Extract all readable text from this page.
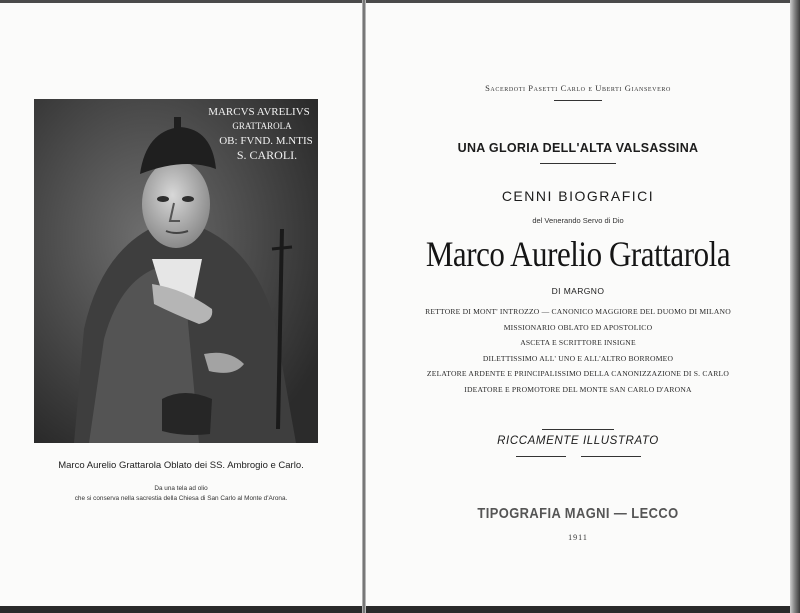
MARCVS AVRELIVS
GRATTAROLA
OB: FVND. M.NTIS
S. CAROLI.
Marco Aurelio Grattarola Oblato dei SS. Ambrogio e Carlo.
Da una tela ad olio
che si conserva nella sacrestia della Chiesa di San Carlo al Monte d'Arona.
Sacerdoti Pasetti Carlo e Uberti Giansevero
UNA GLORIA DELL'ALTA VALSASSINA
CENNI BIOGRAFICI
del Venerando Servo di Dio
Marco Aurelio Grattarola
DI MARGNO
RETTORE DI MONT' INTROZZO — CANONICO MAGGIORE DEL DUOMO DI MILANO
MISSIONARIO OBLATO ED APOSTOLICO
ASCETA E SCRITTORE INSIGNE
DILETTISSIMO ALL' UNO E ALL'ALTRO BORROMEO
ZELATORE ARDENTE E PRINCIPALISSIMO DELLA CANONIZZAZIONE DI S. CARLO
IDEATORE E PROMOTORE DEL MONTE SAN CARLO D'ARONA
RICCAMENTE ILLUSTRATO
TIPOGRAFIA MAGNI — LECCO
1911
